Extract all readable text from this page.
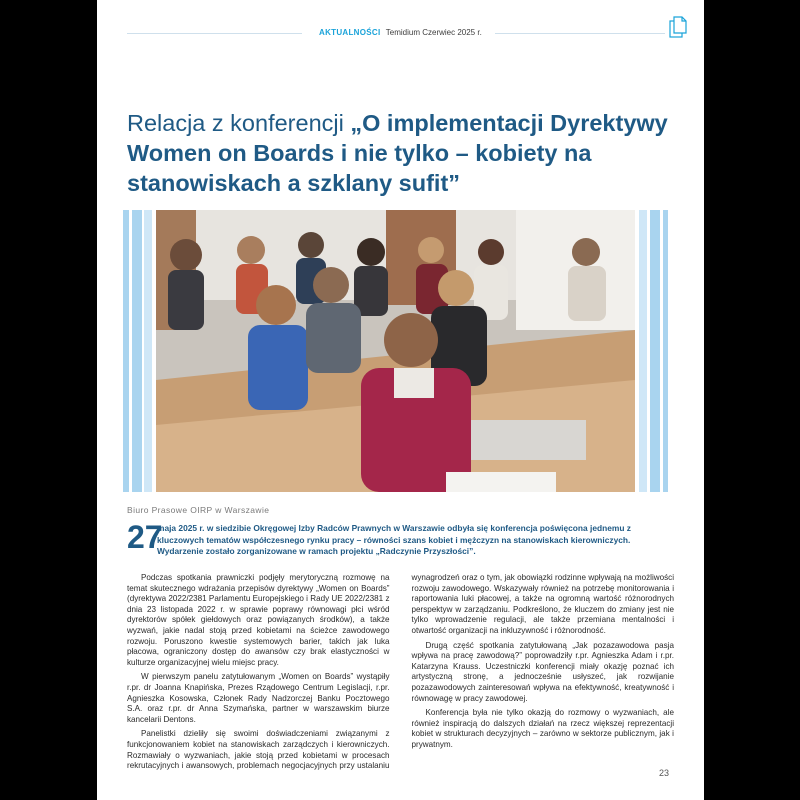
AKTUALNOŚCI Temidium Czerwiec 2025 r.
Relacja z konferencji „O implementacji Dyrektywy Women on Boards i nie tylko – kobiety na stanowiskach a szklany sufit”
Biuro Prasowe OIRP w Warszawie
27
maja 2025 r. w siedzibie Okręgowej Izby Radców Prawnych w Warszawie odbyła się konferencja poświęcona jednemu z kluczowych tematów współczesnego rynku pracy – równości szans kobiet i mężczyzn na stanowiskach kierowniczych. Wydarzenie zostało zorganizowane w ramach projektu „Radczynie Przyszłości”.

Podczas spotkania prawniczki podjęły merytoryczną rozmowę na temat skutecznego wdrażania przepisów dyrektywy „Women on Boards” (dyrektywa 2022/2381 Parlamentu Europejskiego i Rady UE 2022/2381 z dnia 23 listopada 2022 r. w sprawie poprawy równowagi płci wśród dyrektorów spółek giełdowych oraz powiązanych środków), a także wyzwań, jakie nadal stoją przed kobietami na ścieżce zawodowego rozwoju. Poruszono kwestie systemowych barier, takich jak luka płacowa, ograniczony dostęp do awansów czy brak elastyczności w kulturze organizacyjnej wielu miejsc pracy.

W pierwszym panelu zatytułowanym „Women on Boards” wystąpiły r.pr. dr Joanna Knapińska, Prezes Rządowego Centrum Legislacji, r.pr. Agnieszka Kosowska, Członek Rady Nadzorczej Banku Pocztowego S.A. oraz r.pr. dr Anna Szymańska, partner w warszawskim biurze kancelarii Dentons.

Panelistki dzieliły się swoimi doświadczeniami związanymi z funkcjonowaniem kobiet na stanowiskach zarządczych i kierowniczych. Rozmawiały o wyzwaniach, jakie stoją przed kobietami w procesach rekrutacyjnych i awansowych, problemach negocjacyjnych przy ustalaniu wynagrodzeń oraz o tym, jak obowiązki rodzinne wpływają na możliwości rozwoju zawodowego. Wskazywały również na potrzebę monitorowania i raportowania luki płacowej, a także na ogromną wartość różnorodnych perspektyw w zarządzaniu. Podkreślono, że kluczem do zmiany jest nie tylko wprowadzenie regulacji, ale także przemiana mentalności i otwartość organizacji na inkluzywność i różnorodność.

Drugą część spotkania zatytułowaną „Jak pozazawodowa pasja wpływa na pracę zawodową?” poprowadziły r.pr. Agnieszka Adam i r.pr. Katarzyna Krauss. Uczestniczki konferencji miały okazję poznać ich artystyczną stronę, a jednocześnie usłyszeć, jak rozwijanie pozazawodowych zainteresowań wpływa na efektywność, kreatywność i równowagę w pracy zawodowej.

Konferencja była nie tylko okazją do rozmowy o wyzwaniach, ale również inspiracją do dalszych działań na rzecz większej reprezentacji kobiet w strukturach decyzyjnych – zarówno w sektorze publicznym, jak i prywatnym.

23
